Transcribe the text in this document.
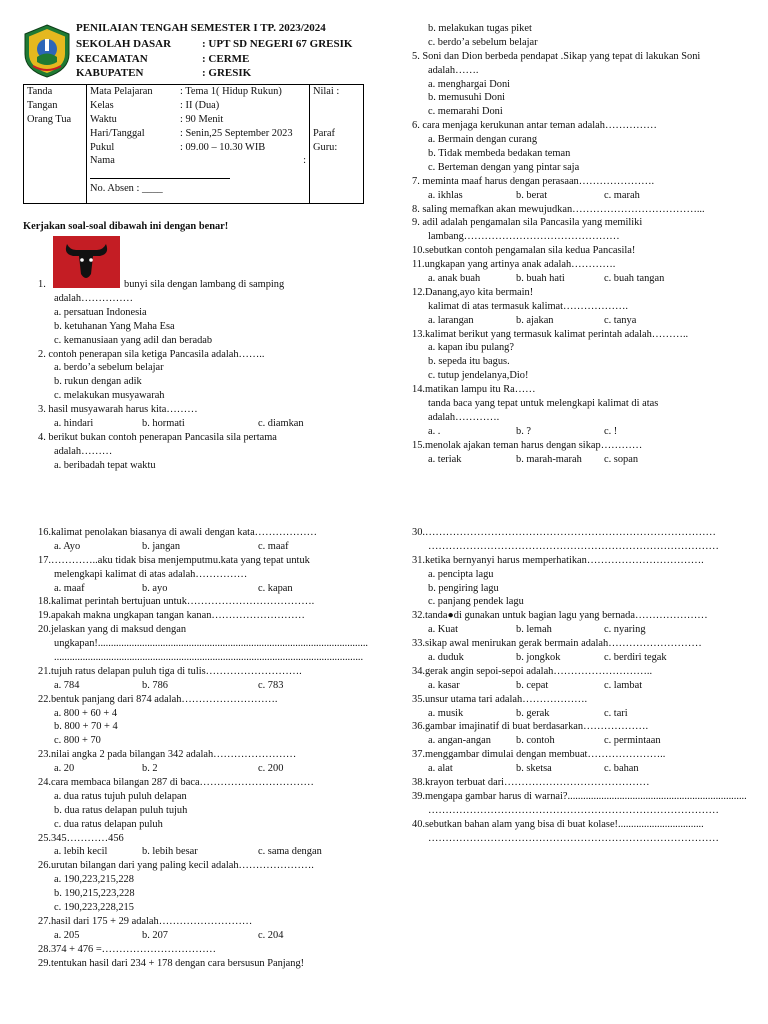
PENILAIAN TENGAH SEMESTER I TP. 2023/2024
SEKOLAH DASAR	: UPT SD NEGERI 67 GRESIK
KECAMATAN	: CERME
KABUPATEN	: GRESIK
Tanda
Tangan
Orang Tua

Mata Pelajaran	: Tema 1( Hidup Rukun)
Kelas	: II (Dua)
Waktu	: 90 Menit
Hari/Tanggal	: Senin,25 September 2023
Pukul	: 09.00 – 10.30 WIB
Nama	:
No. Absen : ____

Nilai :
Paraf
Guru:
Kerjakan soal-soal dibawah ini dengan benar!
1.	bunyi sila dengan lambang di samping
adalah……………
a. persatuan Indonesia
b. ketuhanan Yang Maha Esa
c. kemanusiaan yang adil dan beradab
2. contoh penerapan sila ketiga Pancasila adalah……..
a. berdo’a sebelum belajar
b. rukun dengan adik
c. melakukan musyawarah
3. hasil musyawarah harus kita………
a. hindari	b. hormati	c. diamkan
4. berikut bukan contoh penerapan Pancasila sila pertama
adalah………
a. beribadah tepat waktu
b. melakukan tugas piket
c. berdo’a sebelum belajar
5. Soni dan Dion berbeda pendapat .Sikap yang tepat di lakukan Soni
adalah…….
a. menghargai Doni
b. memusuhi Doni
c. memarahi Doni
6. cara menjaga kerukunan antar teman adalah……………
a. Bermain dengan curang
b. Tidak membeda bedakan teman
c. Berteman dengan yang pintar saja
7. meminta maaf harus dengan perasaan………………….
a. ikhlas	b. berat	c. marah
8. saling memafkan akan mewujudkan………………………………...
9. adil adalah pengamalan sila Pancasila yang memiliki
lambang………………………………………
10.sebutkan contoh pengamalan sila kedua Pancasila!
11.ungkapan yang artinya anak adalah………….
a. anak buah	b. buah hati	c. buah tangan
12.Danang,ayo kita bermain!
kalimat di atas termasuk kalimat……………….
a. larangan	b. ajakan	c. tanya
13.kalimat berikut yang termasuk kalimat perintah adalah………..
a. kapan ibu pulang?
b. sepeda itu bagus.
c. tutup jendelanya,Dio!
14.matikan lampu itu Ra……
tanda baca yang tepat untuk melengkapi kalimat di atas
adalah………….
a. .	b. ?	c. !
15.menolak ajakan teman harus dengan sikap…………
a. teriak	b. marah-marah c. sopan
16.kalimat penolakan biasanya di awali dengan kata………………
a. Ayo	b. jangan	c. maaf
17.…………..aku tidak bisa menjemputmu.kata yang tepat untuk
melengkapi kalimat di atas adalah……………
a. maaf	b. ayo	c. kapan
18.kalimat perintah bertujuan untuk……………………………….
19.apakah makna ungkapan tangan kanan………………………
20.jelaskan yang di maksud dengan
ungkapan!........................................................................................................
.......................................................................................................................
21.tujuh ratus delapan puluh tiga di tulis……………………….
a. 784	b. 786	c. 783
22.bentuk panjang dari 874 adalah……………………….
a. 800 + 60 + 4
b. 800 + 70 + 4
c. 800 + 70
23.nilai angka 2 pada bilangan 342 adalah……………………
a. 20	b. 2	c. 200
24.cara membaca bilangan 287 di baca……………………………
a. dua ratus tujuh puluh delapan
b. dua ratus delapan puluh tujuh
c. dua ratus delapan puluh
25.345…………456
a. lebih kecil	b. lebih besar	c. sama dengan
26.urutan bilangan dari yang paling kecil adalah………………….
a. 190,223,215,228
b. 190,215,223,228
c. 190,223,228,215
27.hasil dari 175 + 29 adalah………………………
a. 205	b. 207	c. 204
28.374 + 476 =……………………………
29.tentukan hasil dari 234 + 178 dengan cara bersusun Panjang!
30.…………………………………………………………………………
…………………………………………………………………………
31.ketika bernyanyi harus memperhatikan…………………………….
a. pencipta lagu
b. pengiring lagu
c. panjang pendek lagu
32.tanda●di gunakan untuk bagian lagu yang bernada…………………
a. Kuat	b. lemah	c. nyaring
33.sikap awal menirukan gerak bermain adalah………………………
a. duduk	b. jongkok	c. berdiri tegak
34.gerak angin sepoi-sepoi adalah………………………..
a. kasar	b. cepat	c. lambat
35.unsur utama tari adalah……………….
a. musik	b. gerak	c. tari
36.gambar imajinatif di buat berdasarkan……………….
a. angan-angan b. contoh	c. permintaan
37.menggambar dimulai dengan membuat…………………..
a. alat	b. sketsa	c. bahan
38.krayon terbuat dari……………………………………
39.mengapa gambar harus di warnai?.....................................................................
…………………………………………………………………………
40.sebutkan bahan alam yang bisa di buat kolase!.................................
…………………………………………………………………………
